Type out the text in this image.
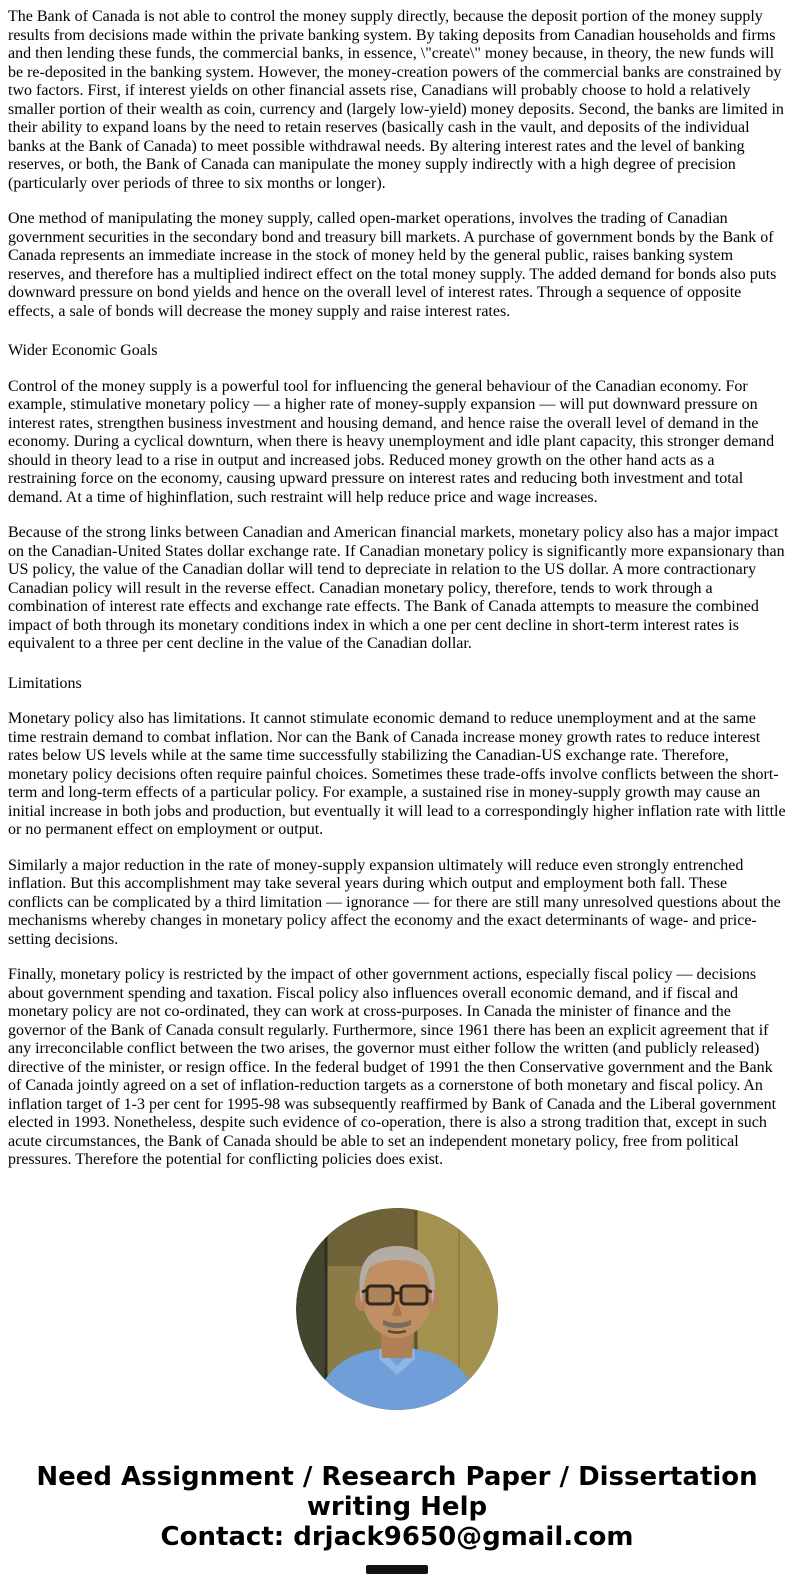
The Bank of Canada is not able to control the money supply directly, because the deposit portion of the money supply results from decisions made within the private banking system. By taking deposits from Canadian households and firms and then lending these funds, the commercial banks, in essence, \"create\" money because, in theory, the new funds will be re-deposited in the banking system. However, the money-creation powers of the commercial banks are constrained by two factors. First, if interest yields on other financial assets rise, Canadians will probably choose to hold a relatively smaller portion of their wealth as coin, currency and (largely low-yield) money deposits. Second, the banks are limited in their ability to expand loans by the need to retain reserves (basically cash in the vault, and deposits of the individual banks at the Bank of Canada) to meet possible withdrawal needs. By altering interest rates and the level of banking reserves, or both, the Bank of Canada can manipulate the money supply indirectly with a high degree of precision (particularly over periods of three to six months or longer).

One method of manipulating the money supply, called open-market operations, involves the trading of Canadian government securities in the secondary bond and treasury bill markets. A purchase of government bonds by the Bank of Canada represents an immediate increase in the stock of money held by the general public, raises banking system reserves, and therefore has a multiplied indirect effect on the total money supply. The added demand for bonds also puts downward pressure on bond yields and hence on the overall level of interest rates. Through a sequence of opposite effects, a sale of bonds will decrease the money supply and raise interest rates.

Wider Economic Goals

Control of the money supply is a powerful tool for influencing the general behaviour of the Canadian economy. For example, stimulative monetary policy — a higher rate of money-supply expansion — will put downward pressure on interest rates, strengthen business investment and housing demand, and hence raise the overall level of demand in the economy. During a cyclical downturn, when there is heavy unemployment and idle plant capacity, this stronger demand should in theory lead to a rise in output and increased jobs. Reduced money growth on the other hand acts as a restraining force on the economy, causing upward pressure on interest rates and reducing both investment and total demand. At a time of highinflation, such restraint will help reduce price and wage increases.

Because of the strong links between Canadian and American financial markets, monetary policy also has a major impact on the Canadian-United States dollar exchange rate. If Canadian monetary policy is significantly more expansionary than US policy, the value of the Canadian dollar will tend to depreciate in relation to the US dollar. A more contractionary Canadian policy will result in the reverse effect. Canadian monetary policy, therefore, tends to work through a combination of interest rate effects and exchange rate effects. The Bank of Canada attempts to measure the combined impact of both through its monetary conditions index in which a one per cent decline in short-term interest rates is equivalent to a three per cent decline in the value of the Canadian dollar.

Limitations

Monetary policy also has limitations. It cannot stimulate economic demand to reduce unemployment and at the same time restrain demand to combat inflation. Nor can the Bank of Canada increase money growth rates to reduce interest rates below US levels while at the same time successfully stabilizing the Canadian-US exchange rate. Therefore, monetary policy decisions often require painful choices. Sometimes these trade-offs involve conflicts between the short-term and long-term effects of a particular policy. For example, a sustained rise in money-supply growth may cause an initial increase in both jobs and production, but eventually it will lead to a correspondingly higher inflation rate with little or no permanent effect on employment or output.

Similarly a major reduction in the rate of money-supply expansion ultimately will reduce even strongly entrenched inflation. But this accomplishment may take several years during which output and employment both fall. These conflicts can be complicated by a third limitation — ignorance — for there are still many unresolved questions about the mechanisms whereby changes in monetary policy affect the economy and the exact determinants of wage- and price-setting decisions.

Finally, monetary policy is restricted by the impact of other government actions, especially fiscal policy — decisions about government spending and taxation. Fiscal policy also influences overall economic demand, and if fiscal and monetary policy are not co-ordinated, they can work at cross-purposes. In Canada the minister of finance and the governor of the Bank of Canada consult regularly. Furthermore, since 1961 there has been an explicit agreement that if any irreconcilable conflict between the two arises, the governor must either follow the written (and publicly released) directive of the minister, or resign office. In the federal budget of 1991 the then Conservative government and the Bank of Canada jointly agreed on a set of inflation-reduction targets as a cornerstone of both monetary and fiscal policy. An inflation target of 1-3 per cent for 1995-98 was subsequently reaffirmed by Bank of Canada and the Liberal government elected in 1993. Nonetheless, despite such evidence of co-operation, there is also a strong tradition that, except in such acute circumstances, the Bank of Canada should be able to set an independent monetary policy, free from political pressures. Therefore the potential for conflicting policies does exist.

Need Assignment / Research Paper / Dissertation writing Help
Contact: drjack9650@gmail.com
